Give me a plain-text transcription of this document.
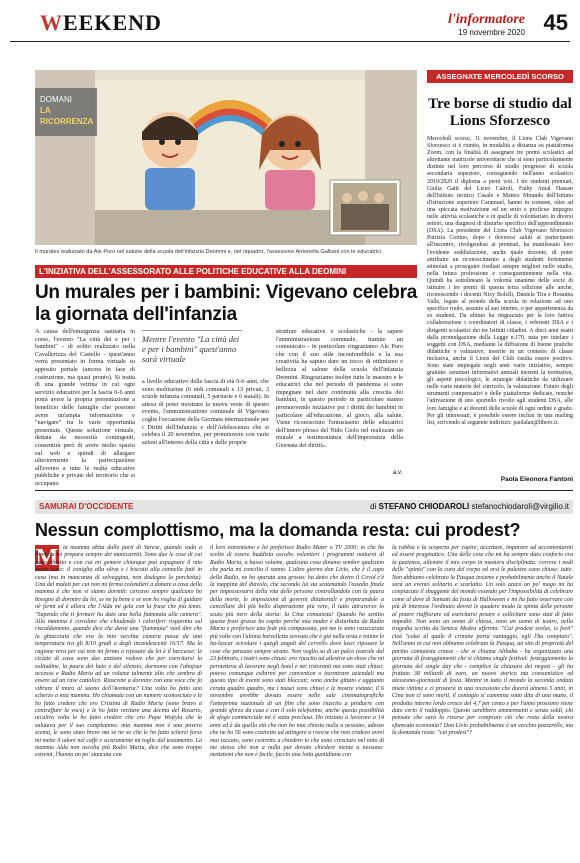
WEEKEND	l'informatore
19 novembre 2020 45
DOMANI
LA RICORRENZA
Il murales realizzato da Ale Puro nel salone della scuola dell'infanzia Deomini e, nel riquadro, l'assessore Antonella Galliani con le educatrici
L'INIZIATIVA DELL'ASSESSORATO ALLE POLITICHE EDUCATIVE ALLA DEOMINI
Un murales per i bambini: Vigevano celebra la giornata dell'infanzia
A causa dell'emergenza sanitaria in corso, l'evento "La città dei e per i bambini" - di solito realizzato nella Cavallerizza del Castello - quest'anno verrà presentato in forma virtuale su apposito portale (ancora in fase di costruzione, ma quasi pronto). Si tratta di una grande vetrina in cui ogni servizio educativo per la fascia 0-6 anni potrà avere la propria presentazione a beneficio delle famiglie che possono avere un'ampia informazione e "navigare" tra le varie opportunità presentate. Queste soluzione virtuale, dettata da necessità contingenti, consentirà però di avere molto spazio sul web e quindi di allargare ulteriormente la partecipazione all'evento a tutte le realtà educative pubbliche e private del territorio che si occupano
Mentre l'evento "La città dei e per i bambini" quest'anno sarà virtuale
a livello educativo della fascia di età 0-6 anni, che sono moltissime (6 nidi comunali e 13 privati, 3 scuole infanzia comunali, 5 paritarie e 6 statali). In attesa di poter mostrare la nuova veste di questo evento, l'amministrazione comunale di Vigevano coglie l'occasione della Giornata internazionale per i Diritti dell'Infanzia e dell'Adolescenza che si celebra il 20 novembre, per promuovere con varie azioni all'interno della città e delle proprie
strutture educative e scolastiche - la sapere l'amministrazione comunale, tramite un comunicato - in particolare ringraziamo Ale Puro che con il suo stile inconfondibile e la sua creatività ha saputo dare un tocco di ottimismo e bellezza al salone della scuola dell'infanzia Deomini. Ringraziamo inoltre tutte le maestre e le educatrici che nel periodo di pandemia si sono impegnate nel dare continuità alla crescita dei bambini, in questo periodo in particolare stanno promuovendo iniziative per i diritti dei bambini in particolare all'educazione, al gioco, alla salute. Viene riconosciuto l'entusiasmo delle educatrici dell'intero plesso del Nido Giolo nel realizzare un murale a testimonianza dell'importanza della Giornata dei diritti».
a.v.
ASSEGNATE MERCOLEDÌ SCORSO
Tre borse di studio dal Lions Sforzesco
Mercoledì scorso, 11 novembre, il Lions Club Vigevano Sforzesco si è riunito, in modalità a distanza su piattaforma Zoom, con la finalità di assegnare tre premi scolastici ad altrettante matricole universitarie che si sono particolarmente distinte nel loro percorso di studio pregresso di scuola secondaria superiore, conseguendo nell'anno scolastico 2019/2020 il diploma a pieni voti. I tre studenti premiati, Giulia Gatti del Liceo Cairoli, Fathy Amal Hassan dell'Istituto tecnico Casale e Matteo Miranda dell'Istituto d'istruzione superiore Caramuel, hanno in comune, oltre ad una spiccata motivazione ed un serio e proficuo impegno nelle attività scolastiche e in quelle di volontariato in diversi settori, una diagnosi di disturbo specifico dell'apprendimento (DSA). La presidente del Lions Club Vigevano Sforzesco Patrizia Cottino, dopo i doverosi saluti ai partecipanti all'incontro, rivolgendosi ai premiati, ha manifestato loro l'evidente soddisfazione, anche quale docente, di poter attribuire un riconoscimento a degli studenti fortemente stimolati a proseguire risultati sempre migliori nello studio, nella futura professione e conseguentemente nella vita. Quindi ha sottolineato la volontà unanime delle socie di istituire i tre premi di questa terza edizione alle anche, riconoscendo i docenti Nixy Bolelli, Daniela Tira e Rosanna Valle, legate al mondo della scuola in relazione ad uno specifico ruolo, assunto al suo interno, o per appartenenza da ex studenti. Da ultimo ha ringraziato per la loro fattiva collaborazione i coordinatori di classe, i referenti DSA e i dirigenti scolastici dei tre Istituti cittadini. A dieci anni esatti dalla promulgazione della Legge n.170, nata per tutelare i soggetti con DSA, mediante la diffusione di buone pratiche didattiche e valutative, inserite in un contesto di classe inclusiva, anche il Lions del Club risulta essere positivo. Sono state impiegate negli anni varie iniziative, sempre gratuite: seminari informativi annuali inerenti la normativa, gli aspetti psicologici, le strategie didattiche da utilizzare nelle varie materie del curricolo, la valutazione. Futuro degli strumenti compensativi e delle piattaforme dedicate, nonché l'attivazione di uno sportello rivolto agli studenti DSA, alle loro famiglie e ai docenti delle scuole di ogni ordine e grado. Per gli interessati, è possibile essere inclusi in una mailing list, scrivendo al seguente indirizzo: paolalan@libero.it.
Paola Eleonora Fantoni
SAMURAI D'OCCIDENTE	di STEFANO CHIODAROLI stefanochiodaroli@virgilio.it
Nessun complottismo, ma la domanda resta: cui prodest?
M ia mamma abita dalle parti di Varese, quando vado a trovarla mi prepara sempre dei manicaretti. Sono due le cose di cui vado ghiotto e con cui mi gemere chiunque può espugnare il mio cuore tosto: il coniglio alla oliva e i biscotti alla cannella fatti in casa (ma in mancanza di selvaggina, non disdegno la porchetta). Una del malati per cui non mi fermo colendieri a donare a casa della mamma è che non vi siamo dormiti: cercavo sempre qualcuno ho bisogno di dormire da lei, se ne fa bene e se non ho voglia di guidare nè fermi ed è allora che l'Alda mi gela con la frase che più temo: "Sapendo che ti fermavi ho dato una bella fiammata alla camera". Alla mamma è circolare che chiudendo i caloriferi risparmia sul riscaldamento, quando dice che darai una "fiammata" vuol dire che la ghiacciaia che era la mia vecchia camera passa da una temperatura tra gli 8/10 gradi a degli incandescenti 16/17. Ma la ragione vera per cui non mi fermo a riposare da lei è il beccasse: le ciclate di casa sono due anziane vedove che per esercitarsi la solitudine, la paura dei buio e del silenzio, dormono con l'abajour accesso e Radio Maria ad un volume talmente alto che sembra di essere ad un rave cattolico. Riascrete a dormire con una voce che fa vibrare il muro al suono dell'Avemaria? Una volta ho fatto uno scherzo a mia mamma. Ho chiamata con un numero sconosciuto e le ho fatto credere che ero Cristina di Radio Maria (sono bravo a contraffare la voce) e le ho fatto recitare una decina del Rosario, un'altra volta le ho fatto credere che ero Papa Wojtyla che la salutava per il suo compleanno. mia mamma non è una povera scema, le sono stato breve ma se ne so che le ho fatto scherzi forse mi mette il odore nel caffè e sicuramente mi toglie dal testamento. La mamma Alda non ascolta più Radio Maria, dice che sono troppo estremi, l'hanno un po' stancata con
il loro estremismo e lei preferisce Radio Mater o TV 2000; io che ho scelto di essere buddista ascolto volentieri i programmi notturni di Radio Maria, a basso volume, qualcuna cosa dinamo sembre qualcuno che parla mi concilia il sonno. L'altro giorno don Livio, che è il capo della Radio, ne ha sparata una grossa: ha detto che dietro il Covid c'è la mappina del diavolo, che secondo lui sta scatenando l'assalto finale per impossessarsi della vita delle persone controllandole con la paura della morte, le imposizioni di governi dittatoriali e preparandole a cancellare del più bello disperazione più vere, il tutto attraverso lo scuto più nero della storia: la Cina comunista! Quando ho sentito queste frasi grasse ho capito perché mia madre è disturbata da Radio Maria e preferisce una fede più compassata, poi me le sono rassicurate più volte con l'ultima barzelletta scovata che è già nella testa e intime le ha-lascar scivolare i quegli angoli del cervello dove lasci riposare le cose che pensano sempre strane. Non voglio su di un palco teatrale dal 23 febbraio, i teatri sono chiusi: ero riuscito ad allestire un show che mi permetteva di lavorare negli hotel e nei ristoranti ma sono stati chiusi; potevo comunque esibirmi per convention o incontrare aziendali ma questo tipo di eventi sono stati bloccati; sono anche gittato e aggiunto cerata quadro quadro, ma i musei sono chiusi e le mostre vietate; il 6 novembre avrebbe dovuto essere nelle sale cinematografiche l'anteprima nazionale di un film che sono riuscito a produrre con grande sforzo da casa e con il solo telefonino, anche questa possibilità di sfogo commerciale mi è stata preclusa. Ho iniziato a lavorare a 14 anni ed è da quello età che non ho mai chiesto nulla a nessuno, adesso che ne ho 56 sono costretto ad attingere a risorse che non credevo avrei mai toccato, sono costretto a chiedere io che sono cresciuto nel mito di me stesso che non a nulla pur dovuto chiedere niente a nessuno: mettetemi che non è facile, faccio una lotta quotidiana con
la rabbia e la scoperta per capire, accettare, imparare ad accontentarmi ed essere pragmatico. Una delle cose che mi ha sempre dato conforto era la pazienza, allenare il mio corpo in maniera disciplinata: correre i nodi delle "spinto" con la cura del corpo ed orsi le palestre sono chiuse: tutte. Non abbiamo celebrato la Pasqua insieme e probabilmente anche il Natale sarà un evento solitario e scarlatto. Un solo unico un po' mago mi ha conpiacuto il sbuggente del mondo essendo per l'impossibilità di celebrare come al dove di Samatti da festa di Halloween e mi ha fatto osservare con più di interesse l'ordinato dovrei le quadere modo la spinta delle persone al potere riaffiorare ed esercitarsi pesare e sollicitare sono stati di fatto impediti. Non sono un uomo di chiesa, sono un uomo di teatro, nella tragedia scritta da Seneca Medea afferma: "Cui prodest scelus, is fecit" cioè "colui al quale il crimine porta vantaggio, egli l'ha compiuto". Nell'anno in cui non abbiamo celebrato la Pasqua, un sito di proprietà del partito comunista cinese - che si chiama Alibaba - ha organizzato una giornata di festeggiamenti che si chiama single festival: festeggiamento la giornata del single day che - complice la chiusura dei negozi - gli ha fruttato 38 miliardi di euro, un nuovo storico ma consumistico ed alessismo-giornasiti di festa. Mentre in tutto il mondo la seconda ondata miete vittime e ci prosterà in una recessione che durerà almeno 5 anni, in Cina non ci sono morti, il contagio si cammina sotto dita di una mano, il prodotto interno lordo cresce del 4,7 per cento e per l'anno prossimo viene dato certo il raddoppio. Questo sarebbero ammennanti e senza soldi, chi pensate che sarà la risorse per comprare ciò che resta della nostra sfiancata economia? Don Livio probabilmente è un vecchio pazzerello, ma la domanda resta: "cui prodest"?
